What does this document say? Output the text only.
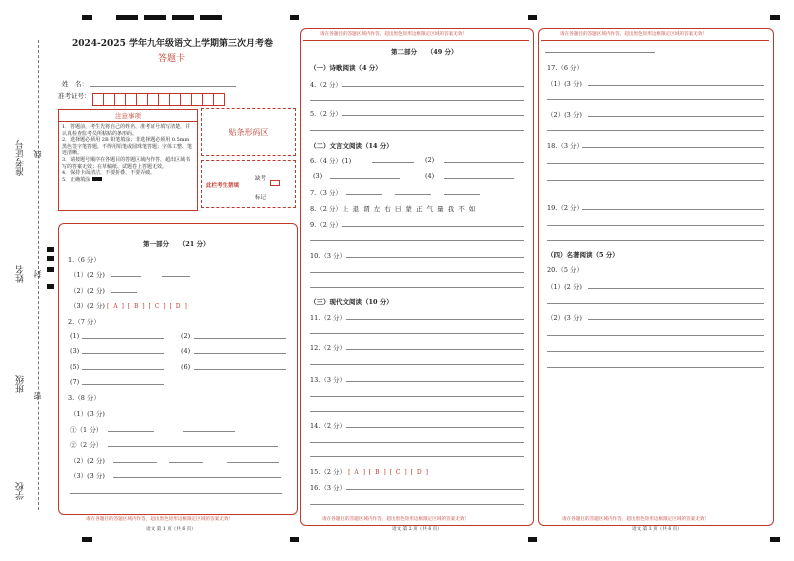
准考证号 线
姓名 封
班级
密
学校
2024-2025 学年九年级语文上学期第三次月考卷
答题卡
姓　名：
准考证号：
注意事项

1．答题前，考生先将自己的姓名、准考证号填写清楚，并认真检查监考员所粘贴的条形码。

2．选择题必须用 2B 铅笔填涂；非选择题必须用 0.5mm 黑色签字笔答题，不得用铅笔或圆珠笔答题；字体工整、笔迹清晰。

3．请按题号顺序在各题目的答题区域内作答，超出区域书写的答案无效；在草稿纸、试题卷上答题无效。

4．保持卡面清洁，不要折叠、不要弄破。

5．正确填涂

贴条形码区
此栏考生禁填
缺考
标记
第一部分　　（21 分）
1.（6 分）
（1）(2 分)
（2）(2 分)
（3）(2 分) [ A ] [ B ] [ C ] [ D ]
2.（7 分）
(1)	(2)
(3)	(4)
(5)	(6)
(7)
3.（8 分）
（1）(3 分)
①（1 分）
②（2 分）
（2）(2 分)
（3）(3 分)
请在各题目的答题区域内作答，超出黑色矩形边框限定区域的答案无效！
语文 第 1 页（共 6 页）
请在各题目的答题区域内作答，超出黑色矩形边框限定区域的答案无效！
第二部分　　（49 分）
（一）诗歌阅读（4 分）
4.（2 分）
5.（2 分）
（二）文言文阅读（14 分）
6.（4 分）(1)	(2)
(3)	(4)
7.（3 分）
8.（2 分） 上 退 谓 左 右 曰 蒙 正 气 量 我 不 如
9.（2 分）
10.（3 分）
（三）现代文阅读（10 分）
11.（2 分）
12.（2 分）
13.（3 分）
14.（2 分）
15.（2 分） [ A ] [ B ] [ C ] [ D ]
16.（3 分）
请在各题目的答题区域内作答，超出黑色矩形边框限定区域的答案无效！
语文 第 2 页（共 6 页）
请在各题目的答题区域内作答，超出黑色矩形边框限定区域的答案无效！
17.（6 分）
（1）(3 分)
（2）(3 分)
18.（3 分）
19.（2 分）
（四）名著阅读（5 分）
20.（5 分）
（1）(2 分)
（2）(3 分)
请在各题目的答题区域内作答，超出黑色矩形边框限定区域的答案无效！
语文 第 3 页（共 6 页）
